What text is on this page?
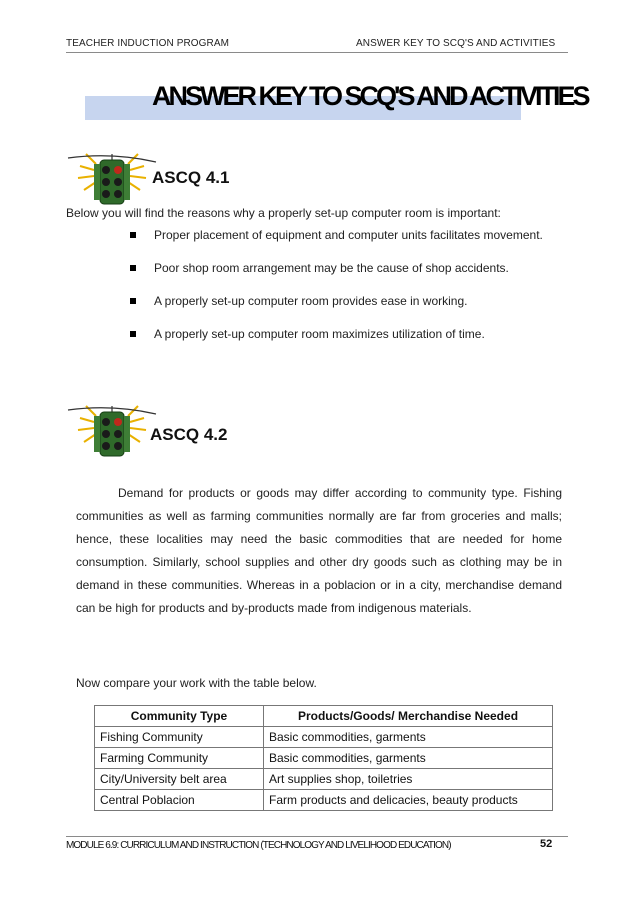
TEACHER INDUCTION PROGRAM	ANSWER KEY TO SCQ'S AND ACTIVITIES
ANSWER KEY TO SCQ'S AND ACTIVITIES
ASCQ 4.1
Below you will find the reasons why a properly set-up computer room is important:
Proper placement of equipment and computer units facilitates movement.
Poor shop room arrangement may be the cause of shop accidents.
A properly set-up computer room provides ease in working.
A properly set-up computer room maximizes utilization of time.
ASCQ 4.2

Demand for products or goods may differ according to community type. Fishing communities as well as farming communities normally are far from groceries and malls; hence, these localities may need the basic commodities that are needed for home consumption. Similarly, school supplies and other dry goods such as clothing may be in demand in these communities. Whereas in a poblacion or in a city, merchandise demand can be high for products and by-products made from indigenous materials.

Now compare your work with the table below.
Community Type	Products/Goods/ Merchandise Needed
Fishing Community	Basic commodities, garments
Farming Community	Basic commodities, garments
City/University belt area	Art supplies shop, toiletries
Central Poblacion	Farm products and delicacies, beauty products
MODULE 6.9: CURRICULUM AND INSTRUCTION (TECHNOLOGY AND LIVELIHOOD EDUCATION)	52
